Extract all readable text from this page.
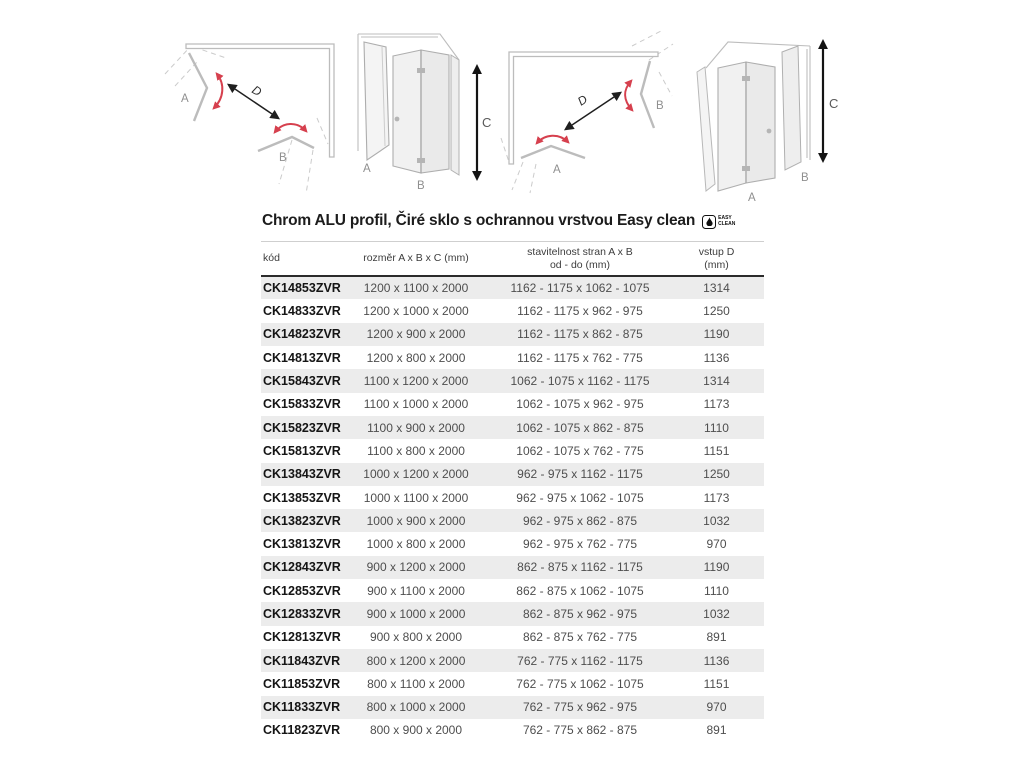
D
A
B
C
A
B
D	B
A
C
A
B
Chrom ALU profil, Čiré sklo s ochrannou vrstvou Easy clean	EASY
CLEAN
kód	rozměr A x B x C (mm)	stavitelnost stran A x B
od - do (mm)	vstup D
(mm)
CK14853ZVR	1200 x 1100 x 2000	1162 - 1175 x 1062 - 1075	1314
CK14833ZVR	1200 x 1000 x 2000	1162 - 1175 x 962 - 975	1250
CK14823ZVR	1200 x 900 x 2000	1162 - 1175 x 862 - 875	1190
CK14813ZVR	1200 x 800 x 2000	1162 - 1175 x 762 - 775	1136
CK15843ZVR	1100 x 1200 x 2000	1062 - 1075 x 1162 - 1175	1314
CK15833ZVR	1100 x 1000 x 2000	1062 - 1075 x 962 - 975	1173
CK15823ZVR	1100 x 900 x 2000	1062 - 1075 x 862 - 875	1110
CK15813ZVR	1100 x 800 x 2000	1062 - 1075 x 762 - 775	1151
CK13843ZVR	1000 x 1200 x 2000	962 - 975 x 1162 - 1175	1250
CK13853ZVR	1000 x 1100 x 2000	962 - 975 x 1062 - 1075	1173
CK13823ZVR	1000 x 900 x 2000	962 - 975 x 862 - 875	1032
CK13813ZVR	1000 x 800 x 2000	962 - 975 x 762 - 775	970
CK12843ZVR	900 x 1200 x 2000	862 - 875 x 1162 - 1175	1190
CK12853ZVR	900 x 1100 x 2000	862 - 875 x 1062 - 1075	1110
CK12833ZVR	900 x 1000 x 2000	862 - 875 x 962 - 975	1032
CK12813ZVR	900 x 800 x 2000	862 - 875 x 762 - 775	891
CK11843ZVR	800 x 1200 x 2000	762 - 775 x 1162 - 1175	1136
CK11853ZVR	800 x 1100 x 2000	762 - 775 x 1062 - 1075	1151
CK11833ZVR	800 x 1000 x 2000	762 - 775 x 962 - 975	970
CK11823ZVR	800 x 900 x 2000	762 - 775 x 862 - 875	891
